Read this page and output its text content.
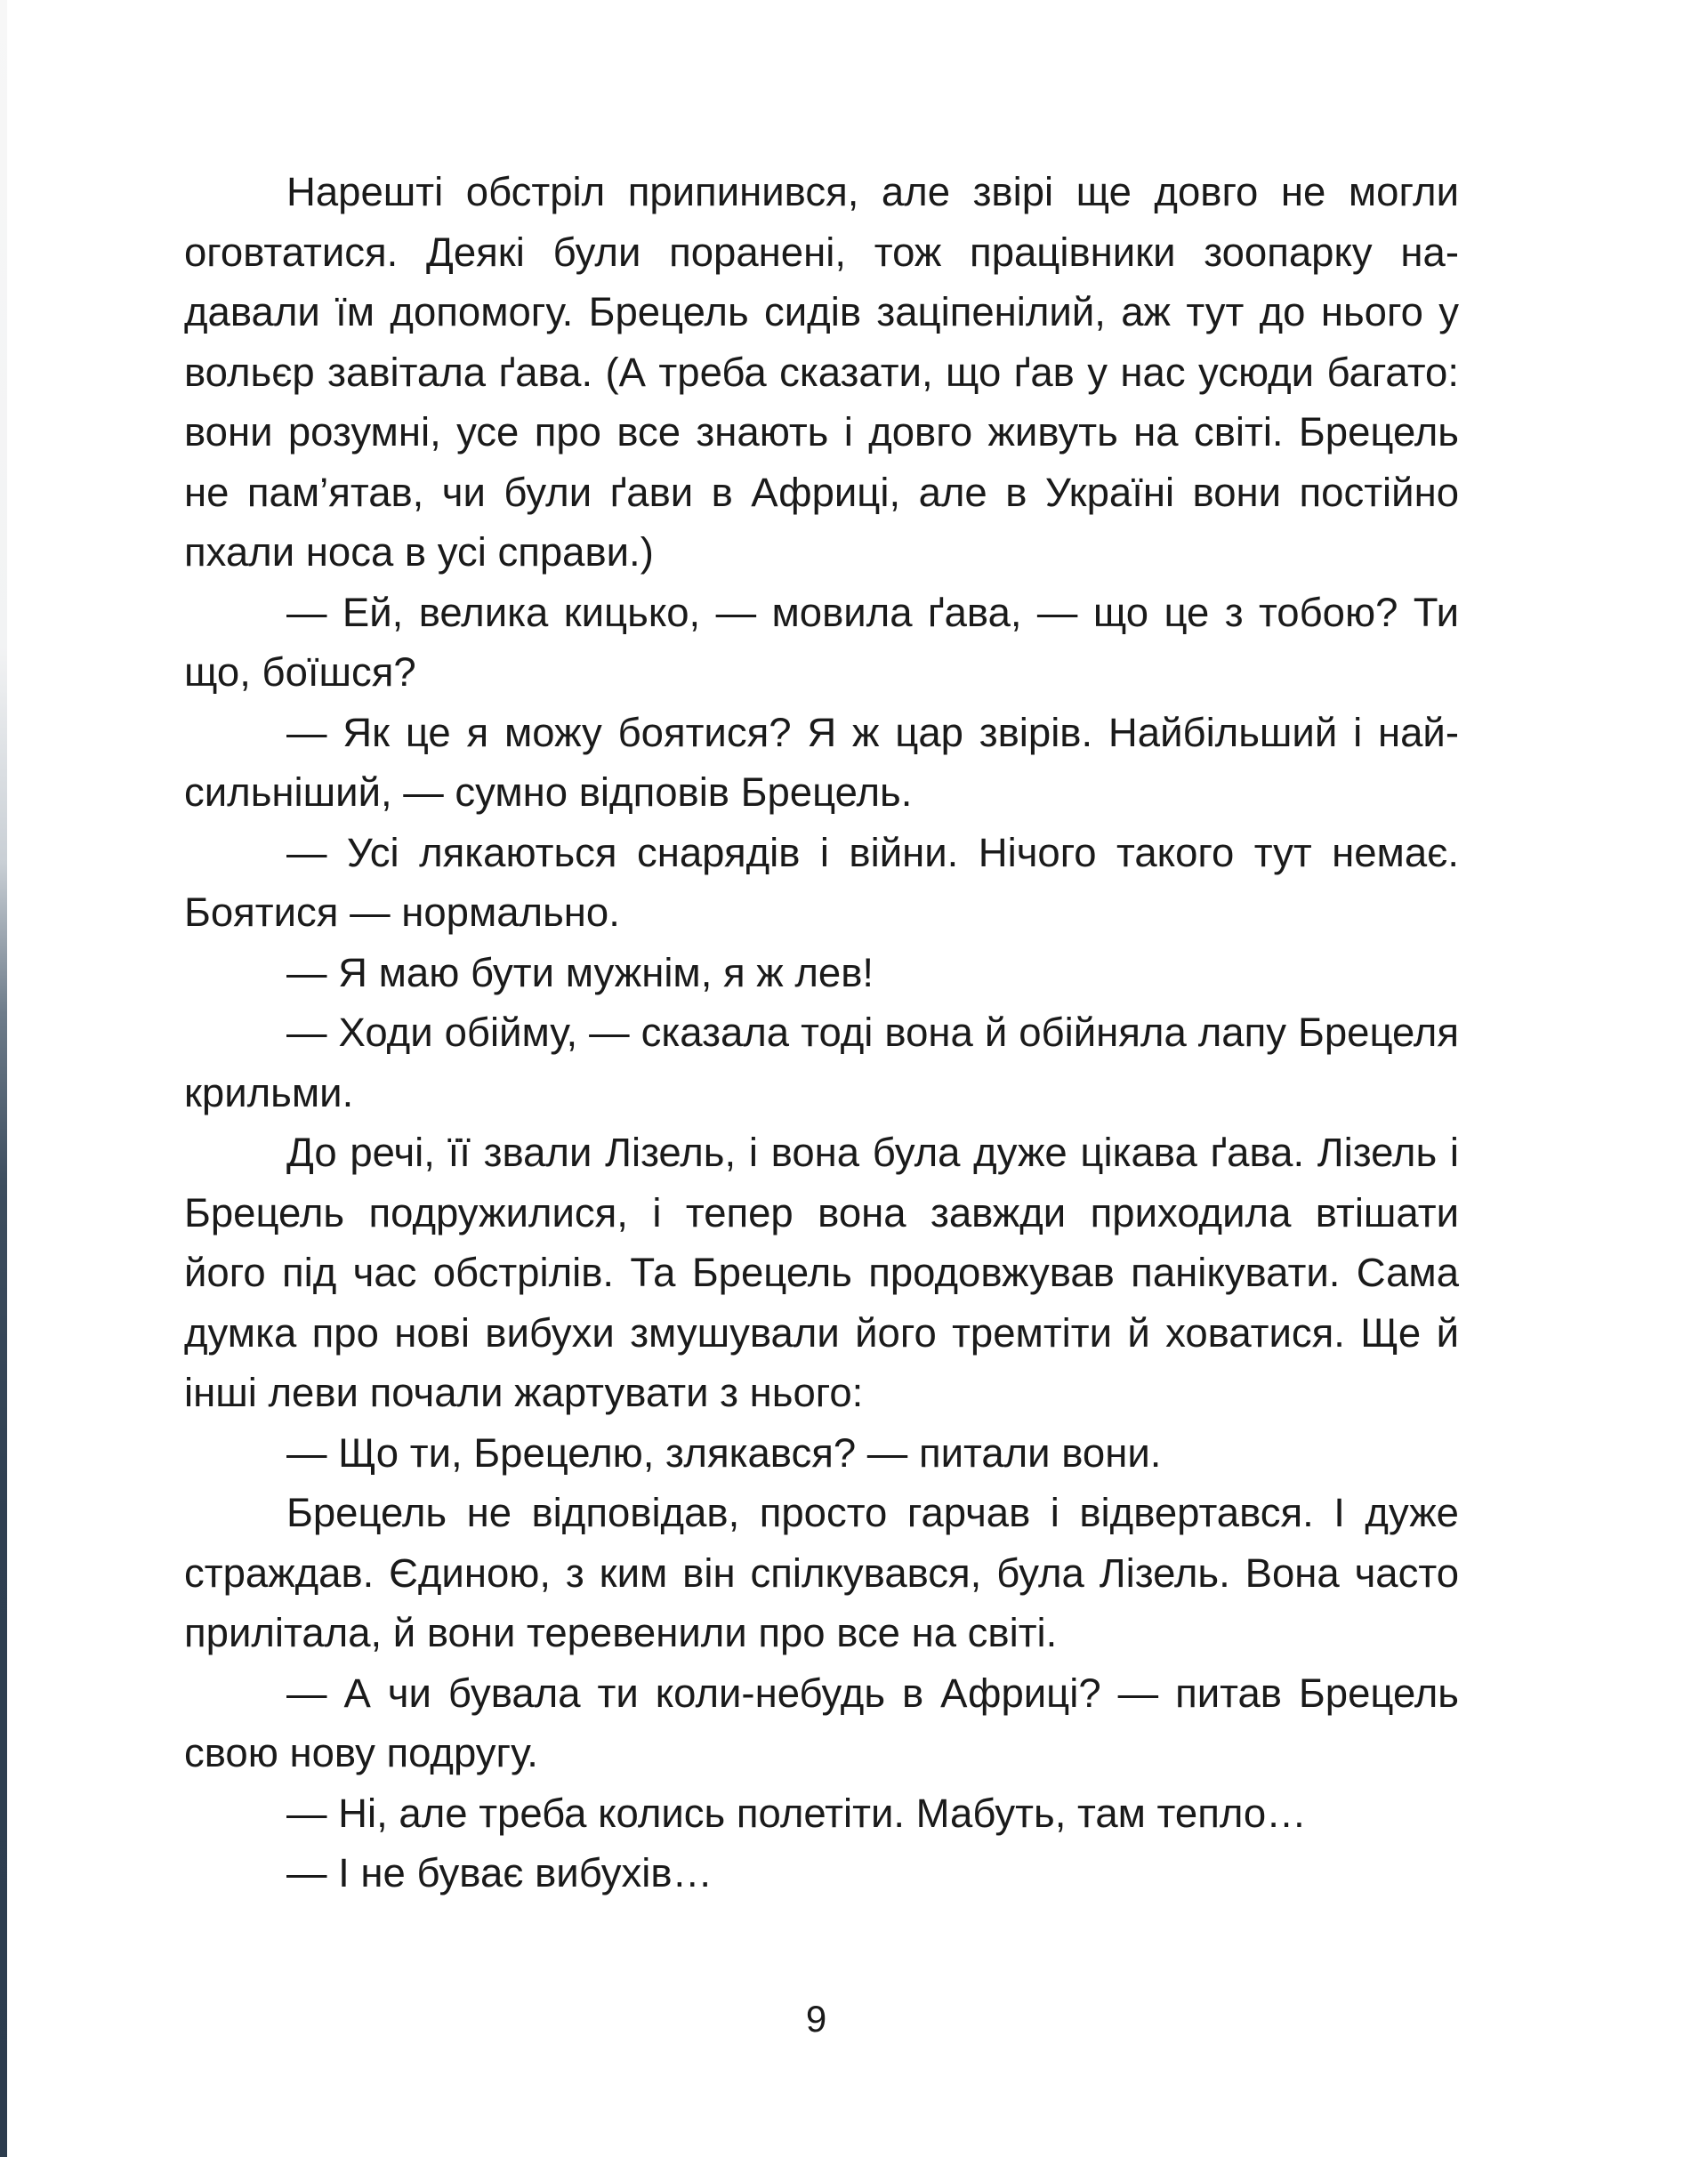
Нарешті обстріл припинився, але звірі ще довго не могли оговтатися. Деякі були поранені, тож працівники зоопарку надавали їм допомогу. Брецель сидів заціпенілий, аж тут до нього у вольєр завітала ґава. (А треба сказати, що ґав у нас усюди багато: вони розумні, усе про все знають і довго живуть на світі. Брецель не пам’ятав, чи були ґави в Африці, але в Україні вони постійно пхали носа в усі справи.)

— Ей, велика кицько, — мовила ґава, — що це з тобою? Ти що, боїшся?

— Як це я можу боятися? Я ж цар звірів. Найбільший і найсильніший, — сумно відповів Брецель.

— Усі лякаються снарядів і війни. Нічого такого тут немає. Боятися — нормально.

— Я маю бути мужнім, я ж лев!

— Ходи обійму, — сказала тоді вона й обійняла лапу Брецеля крильми.

До речі, її звали Лізель, і вона була дуже цікава ґава. Лізель і Брецель подружилися, і тепер вона завжди приходила втішати його під час обстрілів. Та Брецель продовжував панікувати. Сама думка про нові вибухи змушували його тремтіти й ховатися. Ще й інші леви почали жартувати з нього:

— Що ти, Брецелю, злякався? — питали вони.

Брецель не відповідав, просто гарчав і відвертався. І дуже страждав. Єдиною, з ким він спілкувався, була Лізель. Вона часто прилітала, й вони теревенили про все на світі.

— А чи бувала ти коли-небудь в Африці? — питав Брецель свою нову подругу.

— Ні, але треба колись полетіти. Мабуть, там тепло…

— І не буває вибухів…

9
